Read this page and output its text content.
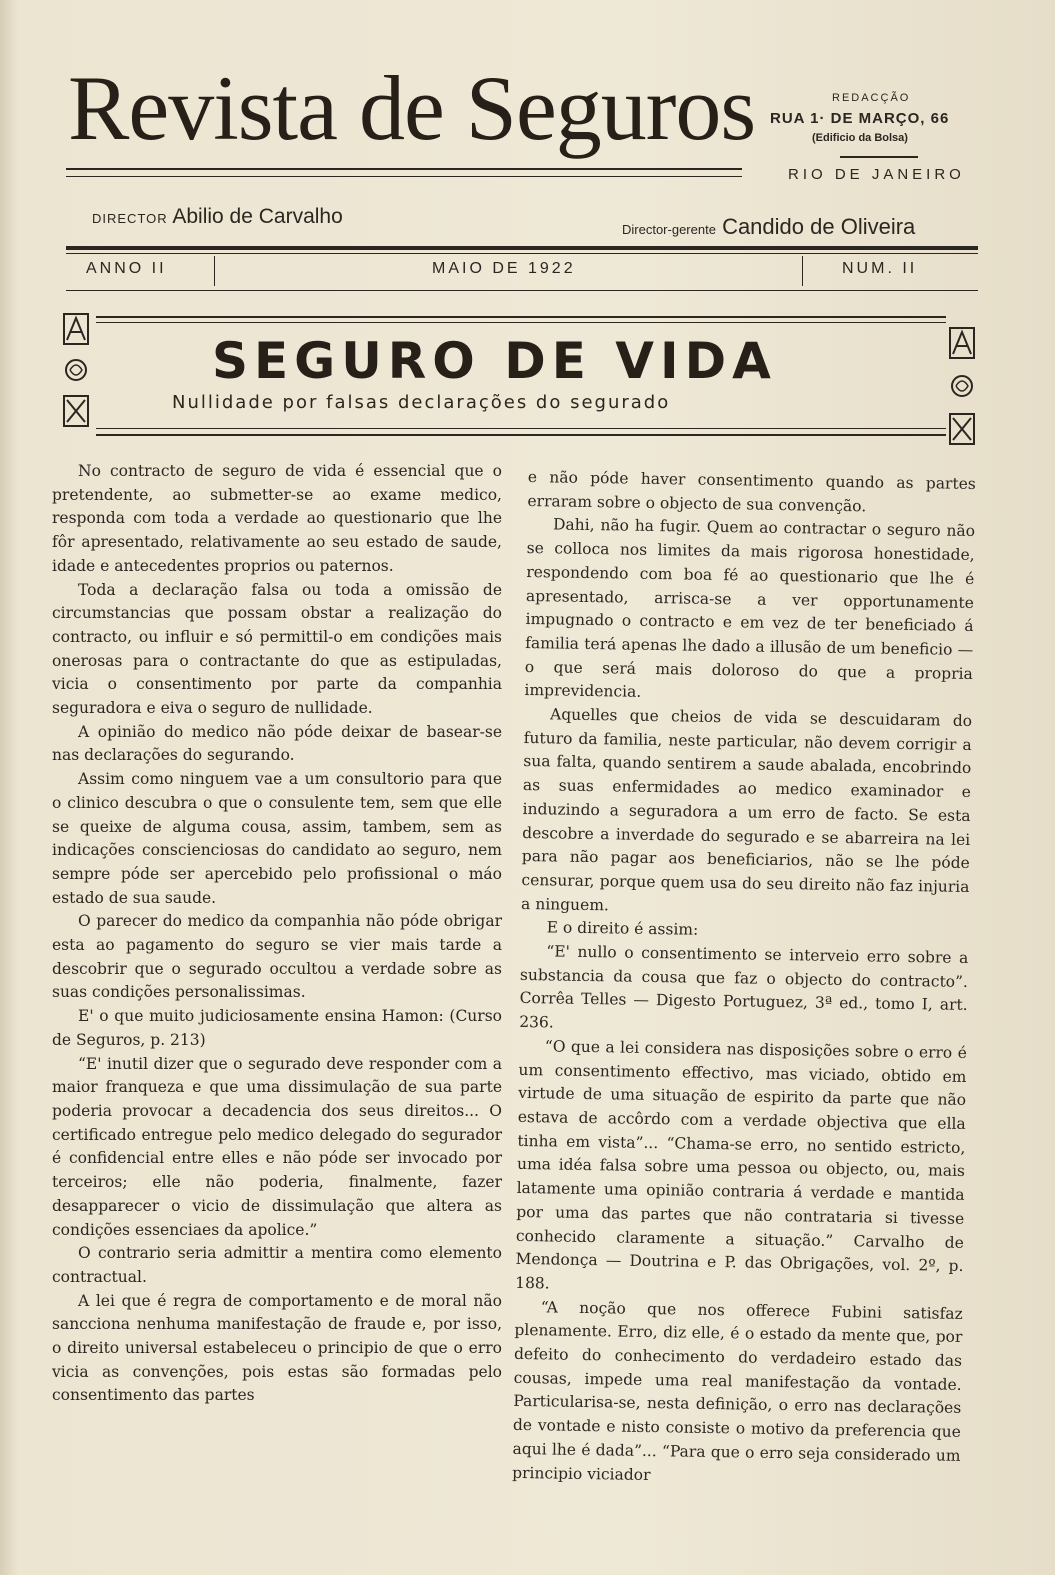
Revista de Seguros	REDACÇÃO
RUA 1· DE MARÇO, 66
(Edificio da Bolsa)
RIO DE JANEIRO
DIRECTOR Abilio de Carvalho
Director-gerente Candido de Oliveira
ANNO II	MAIO DE 1922	NUM. II
SEGURO DE VIDA
Nullidade por falsas declarações do segurado

No contracto de seguro de vida é essencial que o pretendente, ao submetter-se ao exame medico, responda com toda a verdade ao questionario que lhe fôr apresentado, relativamente ao seu estado de saude, idade e antecedentes proprios ou paternos.

Toda a declaração falsa ou toda a omissão de circumstancias que possam obstar a realização do contracto, ou influir e só permittil-o em condições mais onerosas para o contractante do que as estipuladas, vicia o consentimento por parte da companhia seguradora e eiva o seguro de nullidade.

A opinião do medico não póde deixar de basear-se nas declarações do segurando.

Assim como ninguem vae a um consultorio para que o clinico descubra o que o consulente tem, sem que elle se queixe de alguma cousa, assim, tambem, sem as indicações conscienciosas do candidato ao seguro, nem sempre póde ser apercebido pelo profissional o máo estado de sua saude.

O parecer do medico da companhia não póde obrigar esta ao pagamento do seguro se vier mais tarde a descobrir que o segurado occultou a verdade sobre as suas condições personalissimas.

E' o que muito judiciosamente ensina Hamon: (Curso de Seguros, p. 213)

“E' inutil dizer que o segurado deve responder com a maior franqueza e que uma dissimulação de sua parte poderia provocar a decadencia dos seus direitos... O certificado entregue pelo medico delegado do segurador é confidencial entre elles e não póde ser invocado por terceiros; elle não poderia, finalmente, fazer desapparecer o vicio de dissimulação que altera as condições essenciaes da apolice.”

O contrario seria admittir a mentira como elemento contractual.

A lei que é regra de comportamento e de moral não sancciona nenhuma manifestação de fraude e, por isso, o direito universal estabeleceu o principio de que o erro vicia as convenções, pois estas são formadas pelo consentimento das partes

e não póde haver consentimento quando as partes erraram sobre o objecto de sua convenção.

Dahi, não ha fugir. Quem ao contractar o seguro não se colloca nos limites da mais rigorosa honestidade, respondendo com boa fé ao questionario que lhe é apresentado, arrisca-se a ver opportunamente impugnado o contracto e em vez de ter beneficiado á familia terá apenas lhe dado a illusão de um beneficio — o que será mais doloroso do que a propria imprevidencia.

Aquelles que cheios de vida se descuidaram do futuro da familia, neste particular, não devem corrigir a sua falta, quando sentirem a saude abalada, encobrindo as suas enfermidades ao medico examinador e induzindo a seguradora a um erro de facto. Se esta descobre a inverdade do segurado e se abarreira na lei para não pagar aos beneficiarios, não se lhe póde censurar, porque quem usa do seu direito não faz injuria a ninguem.

E o direito é assim:

“E' nullo o consentimento se interveio erro sobre a substancia da cousa que faz o objecto do contracto”. Corrêa Telles — Digesto Portuguez, 3ª ed., tomo I, art. 236.

“O que a lei considera nas disposições sobre o erro é um consentimento effectivo, mas viciado, obtido em virtude de uma situação de espirito da parte que não estava de accôrdo com a verdade objectiva que ella tinha em vista”... “Chama-se erro, no sentido estricto, uma idéa falsa sobre uma pessoa ou objecto, ou, mais latamente uma opinião contraria á verdade e mantida por uma das partes que não contrataria si tivesse conhecido claramente a situação.” Carvalho de Mendonça — Doutrina e P. das Obrigações, vol. 2º, p. 188.

“A noção que nos offerece Fubini satisfaz plenamente. Erro, diz elle, é o estado da mente que, por defeito do conhecimento do verdadeiro estado das cousas, impede uma real manifestação da vontade. Particularisa-se, nesta definição, o erro nas declarações de vontade e nisto consiste o motivo da preferencia que aqui lhe é dada”... “Para que o erro seja considerado um principio viciador
